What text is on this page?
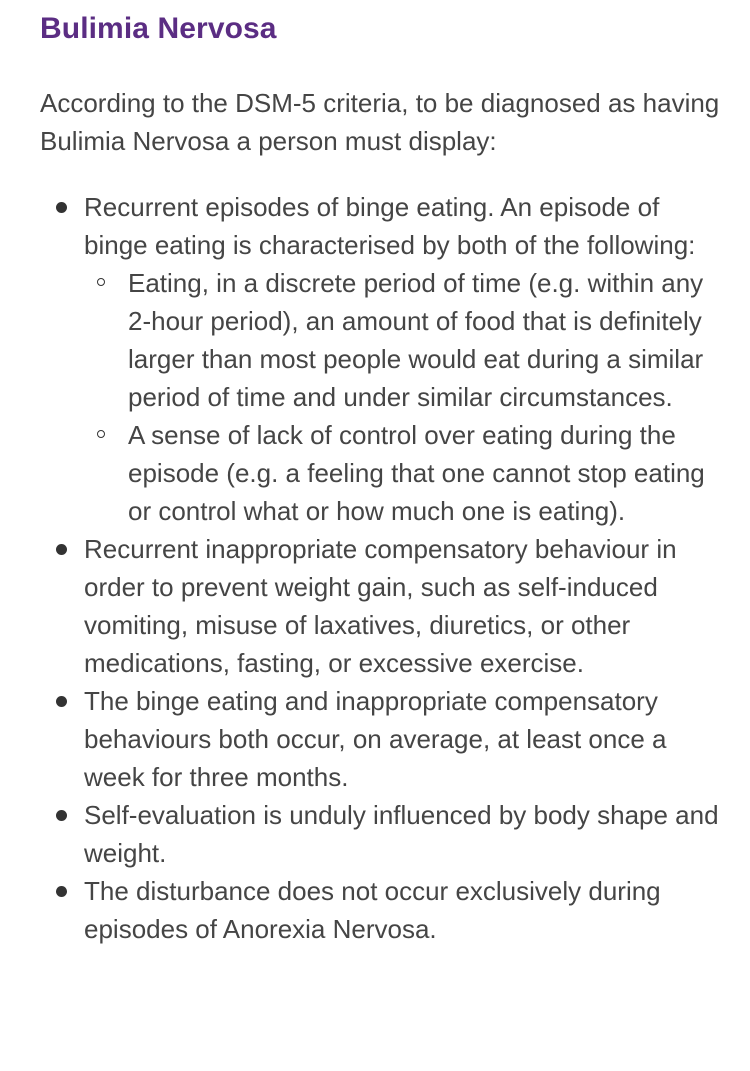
Bulimia Nervosa

According to the DSM-5 criteria, to be diagnosed as having Bulimia Nervosa a person must display:

Recurrent episodes of binge eating. An episode of binge eating is characterised by both of the following:
Eating, in a discrete period of time (e.g. within any 2-hour period), an amount of food that is definitely larger than most people would eat during a similar period of time and under similar circumstances.
A sense of lack of control over eating during the episode (e.g. a feeling that one cannot stop eating or control what or how much one is eating).
Recurrent inappropriate compensatory behaviour in order to prevent weight gain, such as self-induced vomiting, misuse of laxatives, diuretics, or other medications, fasting, or excessive exercise.
The binge eating and inappropriate compensatory behaviours both occur, on average, at least once a week for three months.
Self-evaluation is unduly influenced by body shape and weight.
The disturbance does not occur exclusively during episodes of Anorexia Nervosa.
